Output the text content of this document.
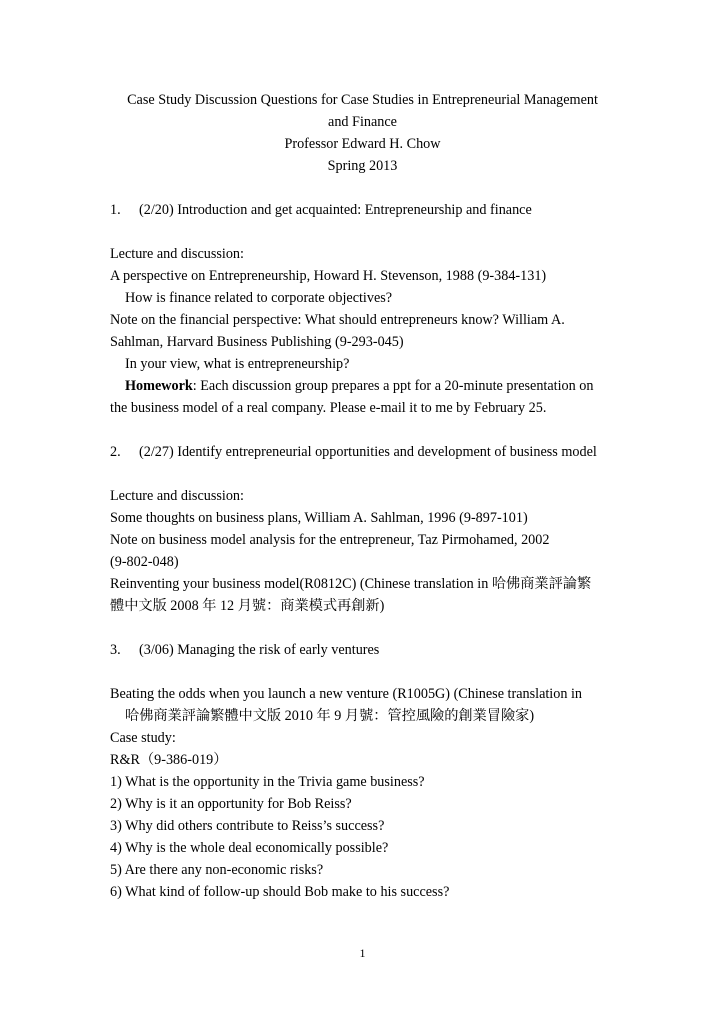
Case Study Discussion Questions for Case Studies in Entrepreneurial Management
and Finance
Professor Edward H. Chow
Spring 2013
1. (2/20) Introduction and get acquainted: Entrepreneurship and finance
Lecture and discussion:
A perspective on Entrepreneurship, Howard H. Stevenson, 1988 (9-384-131)
How is finance related to corporate objectives?
Note on the financial perspective: What should entrepreneurs know? William A.
Sahlman, Harvard Business Publishing (9-293-045)
In your view, what is entrepreneurship?
Homework: Each discussion group prepares a ppt for a 20-minute presentation on
the business model of a real company. Please e-mail it to me by February 25.
2. (2/27) Identify entrepreneurial opportunities and development of business model
Lecture and discussion:
Some thoughts on business plans, William A. Sahlman, 1996 (9-897-101)
Note on business model analysis for the entrepreneur, Taz Pirmohamed, 2002
(9-802-048)
Reinventing your business model(R0812C) (Chinese translation in 哈佛商業評論繁
體中文版 2008 年 12 月號：商業模式再創新)
3. (3/06) Managing the risk of early ventures
Beating the odds when you launch a new venture (R1005G) (Chinese translation in
哈佛商業評論繁體中文版 2010 年 9 月號：管控風險的創業冒險家)
Case study:
R&R（9-386-019）
1) What is the opportunity in the Trivia game business?
2) Why is it an opportunity for Bob Reiss?
3) Why did others contribute to Reiss’s success?
4) Why is the whole deal economically possible?
5) Are there any non-economic risks?
6) What kind of follow-up should Bob make to his success?
1
